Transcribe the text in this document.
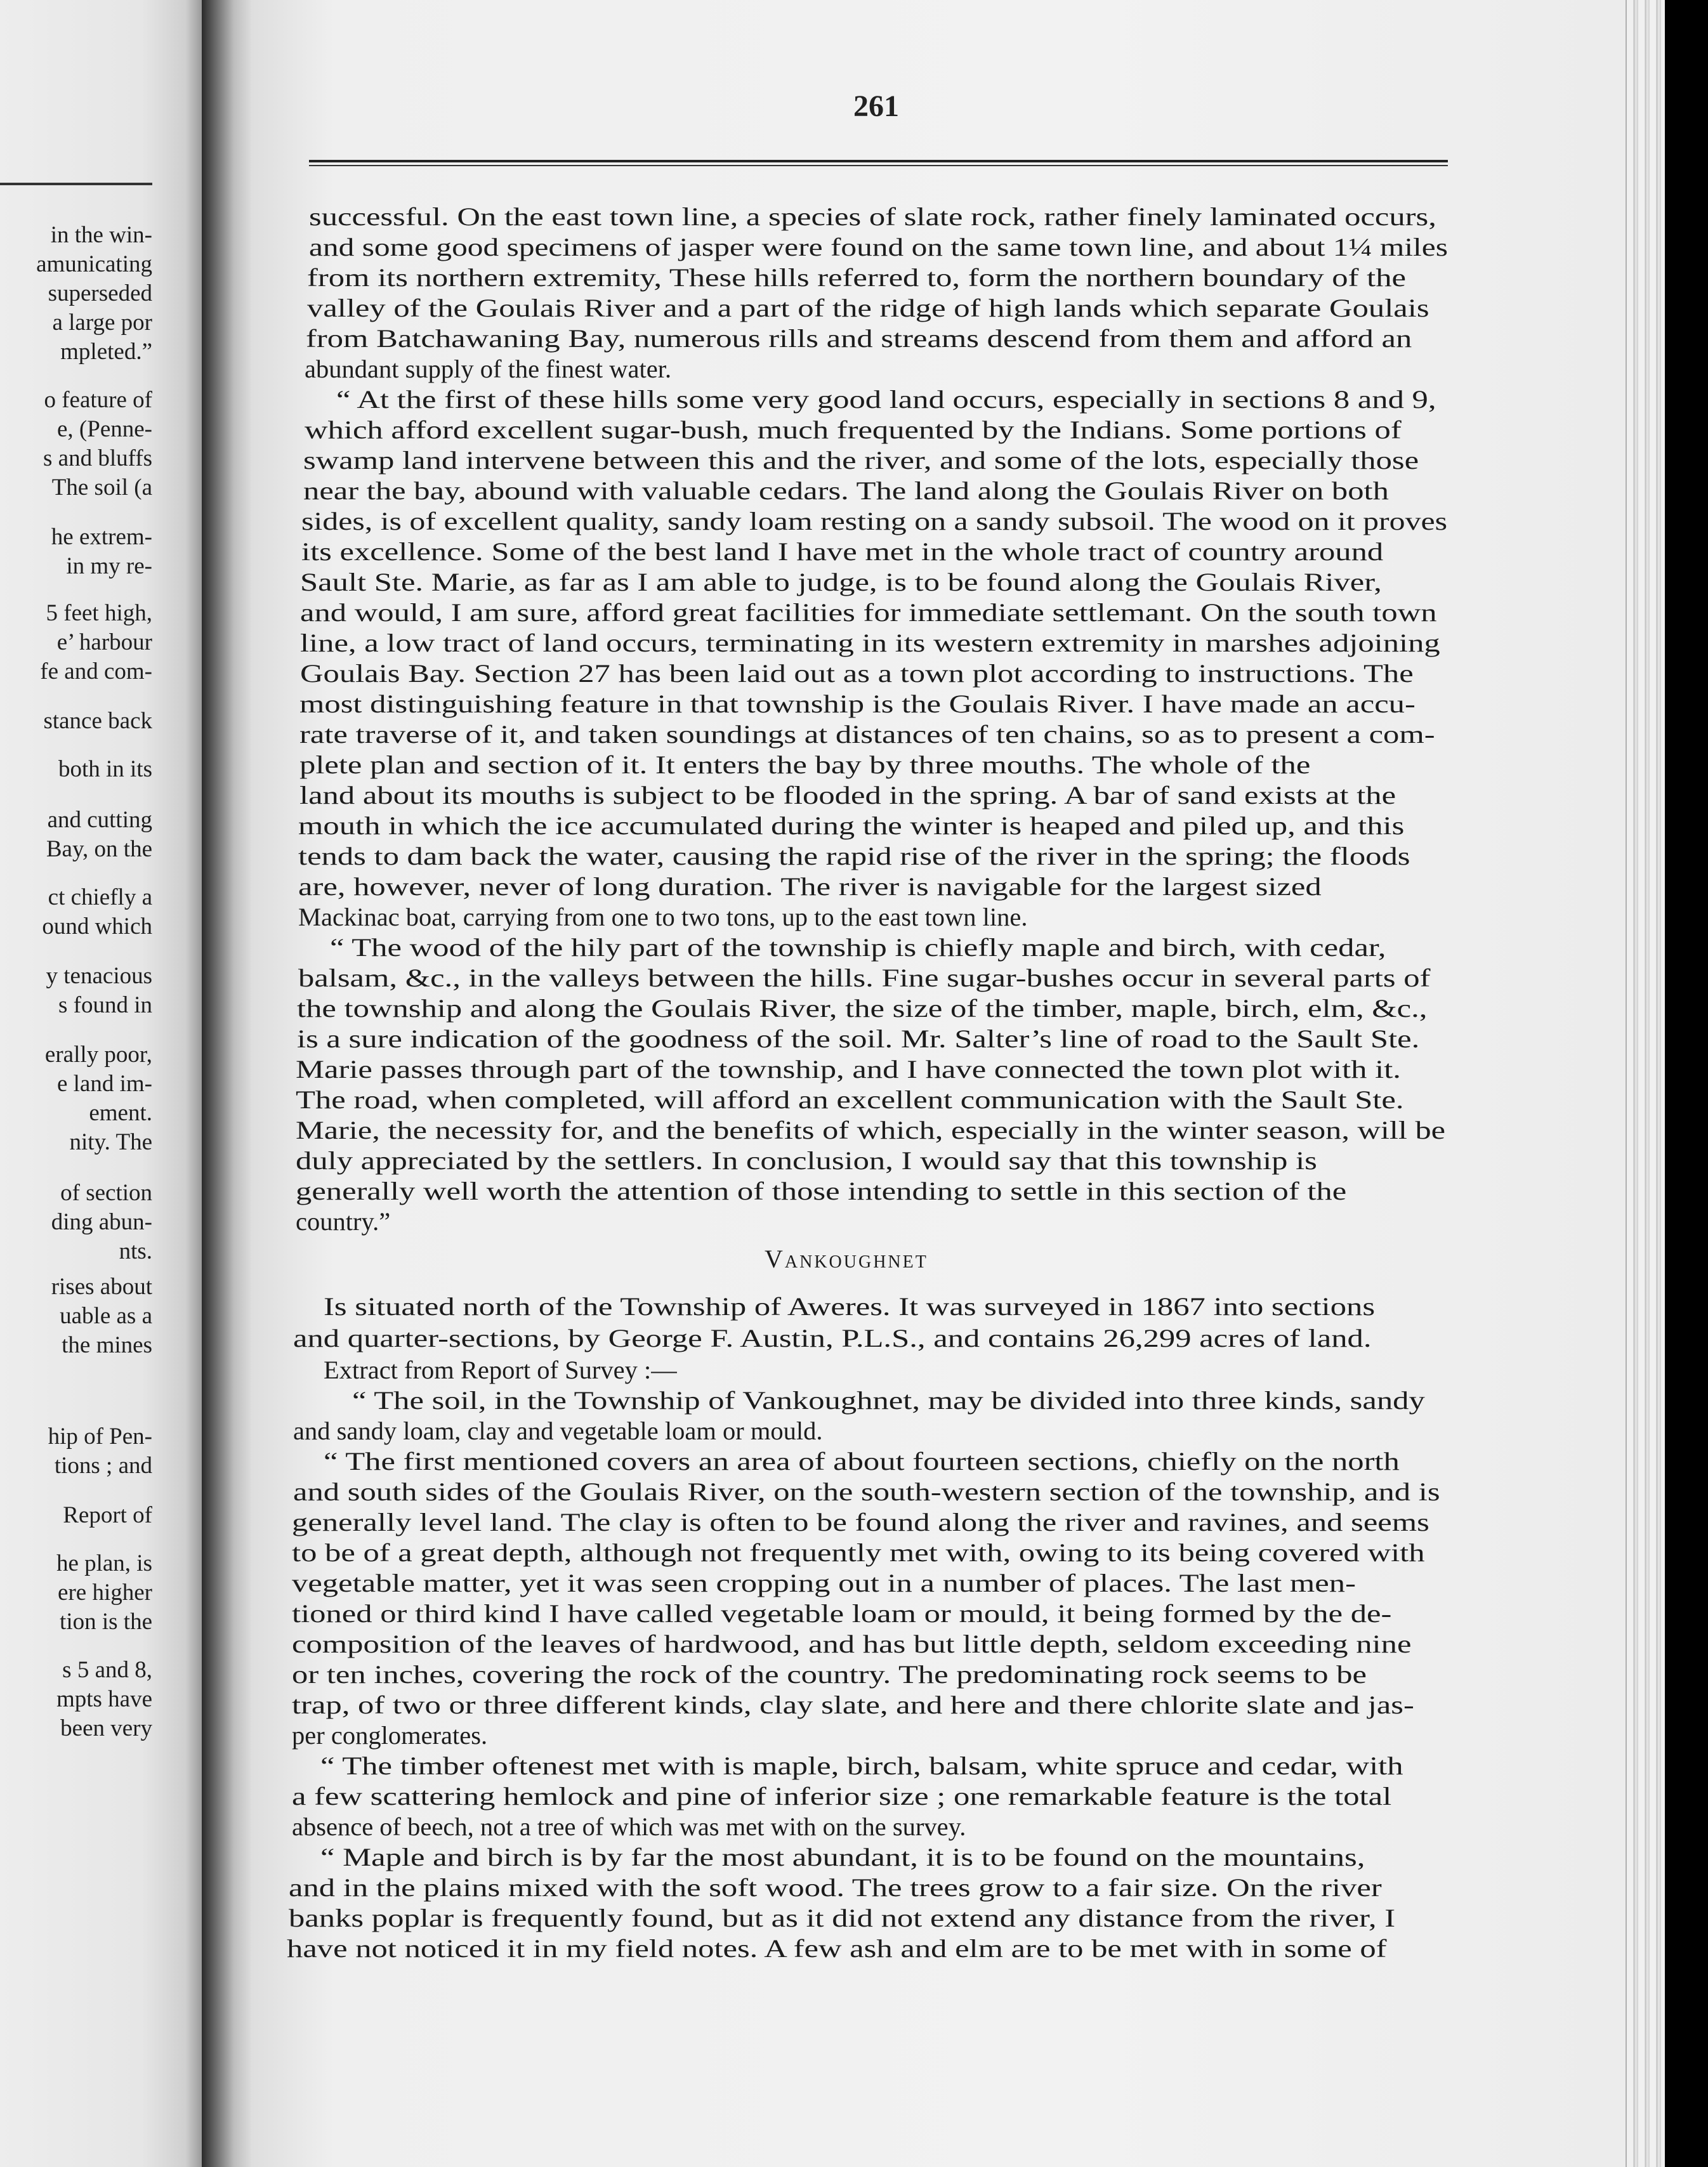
in the win-
amunicating
superseded
a large por
mpleted.”
o feature of
e, (Penne-
s and bluffs
The soil (a
he extrem-
in my re-
5 feet high,
e’ harbour
fe and com-
stance back
both in its
and cutting
Bay, on the
ct chiefly a
ound which
y tenacious
s found in
erally poor,
e land im-
ement.
nity. The
of section
ding abun-
nts.
rises about
uable as a
the mines
hip of Pen-
tions ; and
Report of
he plan, is
ere higher
tion is the
s 5 and 8,
mpts have
been very
261
Vankoughnet
successful. On the east town line, a species of slate rock, rather finely laminated occurs,
and some good specimens of jasper were found on the same town line, and about 1¼ miles
from its northern extremity, These hills referred to, form the northern boundary of the
valley of the Goulais River and a part of the ridge of high lands which separate Goulais
from Batchawaning Bay, numerous rills and streams descend from them and afford an
abundant supply of the finest water.
“ At the first of these hills some very good land occurs, especially in sections 8 and 9,
which afford excellent sugar-bush, much frequented by the Indians. Some portions of
swamp land intervene between this and the river, and some of the lots, especially those
near the bay, abound with valuable cedars. The land along the Goulais River on both
sides, is of excellent quality, sandy loam resting on a sandy subsoil. The wood on it proves
its excellence. Some of the best land I have met in the whole tract of country around
Sault Ste. Marie, as far as I am able to judge, is to be found along the Goulais River,
and would, I am sure, afford great facilities for immediate settlemant. On the south town
line, a low tract of land occurs, terminating in its western extremity in marshes adjoining
Goulais Bay. Section 27 has been laid out as a town plot according to instructions. The
most distinguishing feature in that township is the Goulais River. I have made an accu-
rate traverse of it, and taken soundings at distances of ten chains, so as to present a com-
plete plan and section of it. It enters the bay by three mouths. The whole of the
land about its mouths is subject to be flooded in the spring. A bar of sand exists at the
mouth in which the ice accumulated during the winter is heaped and piled up, and this
tends to dam back the water, causing the rapid rise of the river in the spring; the floods
are, however, never of long duration. The river is navigable for the largest sized
Mackinac boat, carrying from one to two tons, up to the east town line.
“ The wood of the hily part of the township is chiefly maple and birch, with cedar,
balsam, &c., in the valleys between the hills. Fine sugar-bushes occur in several parts of
the township and along the Goulais River, the size of the timber, maple, birch, elm, &c.,
is a sure indication of the goodness of the soil. Mr. Salter’s line of road to the Sault Ste.
Marie passes through part of the township, and I have connected the town plot with it.
The road, when completed, will afford an excellent communication with the Sault Ste.
Marie, the necessity for, and the benefits of which, especially in the winter season, will be
duly appreciated by the settlers. In conclusion, I would say that this township is
generally well worth the attention of those intending to settle in this section of the
country.”
Is situated north of the Township of Aweres. It was surveyed in 1867 into sections
and quarter-sections, by George F. Austin, P.L.S., and contains 26,299 acres of land.
Extract from Report of Survey :—
“ The soil, in the Township of Vankoughnet, may be divided into three kinds, sandy
and sandy loam, clay and vegetable loam or mould.
“ The first mentioned covers an area of about fourteen sections, chiefly on the north
and south sides of the Goulais River, on the south-western section of the township, and is
generally level land. The clay is often to be found along the river and ravines, and seems
to be of a great depth, although not frequently met with, owing to its being covered with
vegetable matter, yet it was seen cropping out in a number of places. The last men-
tioned or third kind I have called vegetable loam or mould, it being formed by the de-
composition of the leaves of hardwood, and has but little depth, seldom exceeding nine
or ten inches, covering the rock of the country. The predominating rock seems to be
trap, of two or three different kinds, clay slate, and here and there chlorite slate and jas-
per conglomerates.
“ The timber oftenest met with is maple, birch, balsam, white spruce and cedar, with
a few scattering hemlock and pine of inferior size ; one remarkable feature is the total
absence of beech, not a tree of which was met with on the survey.
“ Maple and birch is by far the most abundant, it is to be found on the mountains,
and in the plains mixed with the soft wood. The trees grow to a fair size. On the river
banks poplar is frequently found, but as it did not extend any distance from the river, I
have not noticed it in my field notes. A few ash and elm are to be met with in some of
